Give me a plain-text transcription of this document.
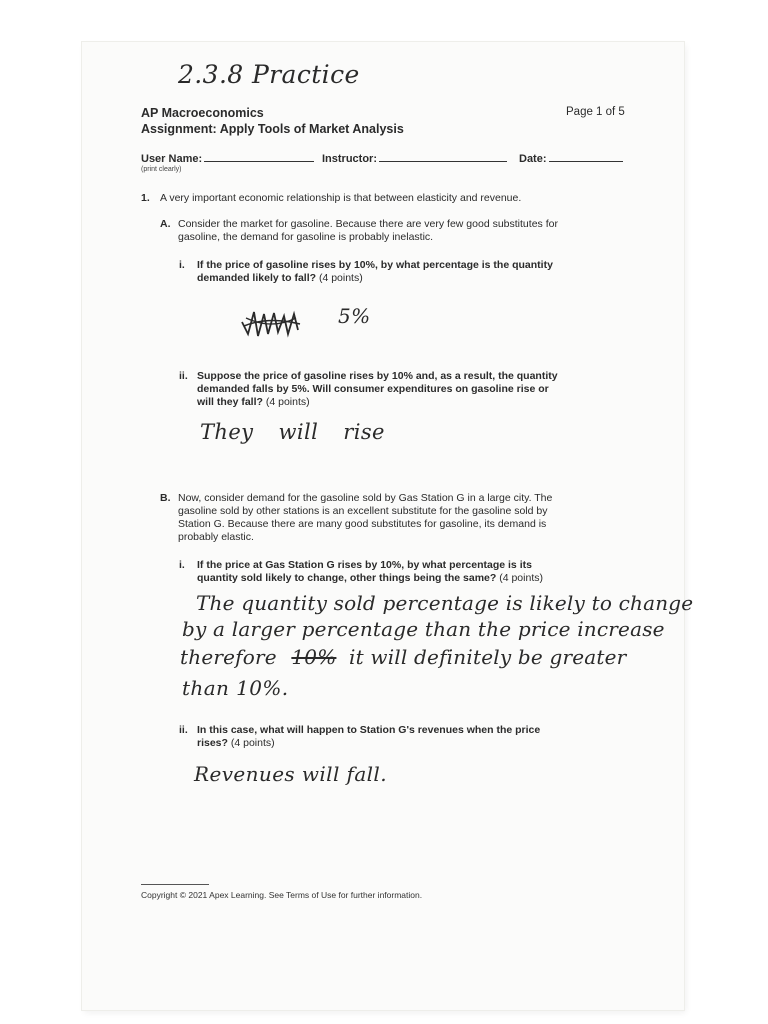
2.3.8 Practice
AP Macroeconomics
Assignment: Apply Tools of Market Analysis
Page 1 of 5
User Name:	Instructor:	Date:
(print clearly)
1. A very important economic relationship is that between elasticity and revenue.
A. Consider the market for gasoline. Because there are very few good substitutes for
gasoline, the demand for gasoline is probably inelastic.
i. If the price of gasoline rises by 10%, by what percentage is the quantity
demanded likely to fall? (4 points)
5%
ii. Suppose the price of gasoline rises by 10% and, as a result, the quantity
demanded falls by 5%. Will consumer expenditures on gasoline rise or
will they fall? (4 points)
They will rise
B. Now, consider demand for the gasoline sold by Gas Station G in a large city. The
gasoline sold by other stations is an excellent substitute for the gasoline sold by
Station G. Because there are many good substitutes for gasoline, its demand is
probably elastic.
i. If the price at Gas Station G rises by 10%, by what percentage is its
quantity sold likely to change, other things being the same? (4 points)
The quantity sold percentage is likely to change
by a larger percentage than the price increase
therefore 10% it will definitely be greater
than 10%.
ii. In this case, what will happen to Station G's revenues when the price
rises? (4 points)
Revenues will fall.
Copyright © 2021 Apex Learning. See Terms of Use for further information.
